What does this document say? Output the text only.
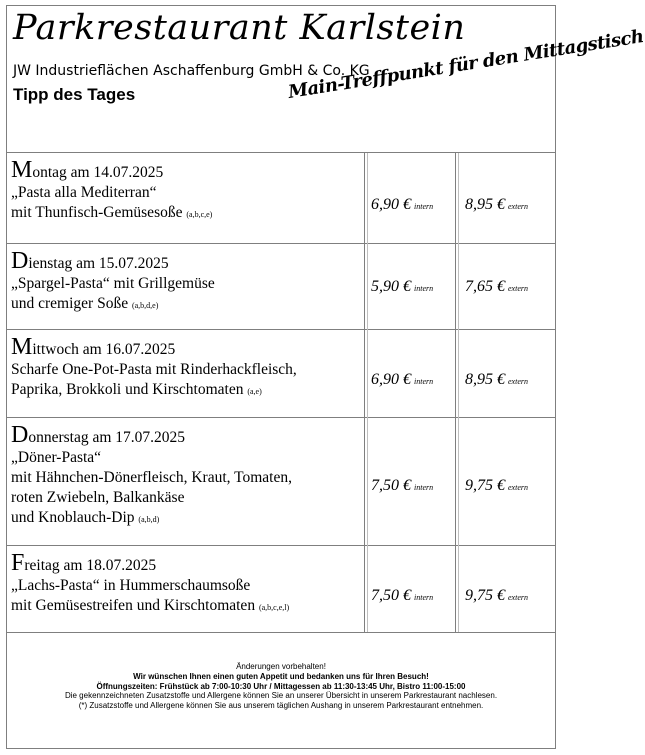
Parkrestaurant Karlstein
JW Industrieflächen Aschaffenburg GmbH & Co. KG
Tipp des Tages	Main-Treffpunkt für den Mittagstisch
Montag am 14.07.2025
„Pasta alla Mediterran“
mit Thunfisch-Gemüsesoße (a,b,c,e)
6,90 € intern 8,95 € extern
Dienstag am 15.07.2025
„Spargel-Pasta“ mit Grillgemüse
und cremiger Soße (a,b,d,e)
5,90 € intern 7,65 € extern
Mittwoch am 16.07.2025
Scharfe One-Pot-Pasta mit Rinderhackfleisch,
Paprika, Brokkoli und Kirschtomaten (a,e)
6,90 € intern 8,95 € extern
Donnerstag am 17.07.2025
„Döner-Pasta“
mit Hähnchen-Dönerfleisch, Kraut, Tomaten,
roten Zwiebeln, Balkankäse
und Knoblauch-Dip (a,b,d)
7,50 € intern 9,75 € extern
Freitag am 18.07.2025
„Lachs-Pasta“ in Hummerschaumsoße
mit Gemüsestreifen und Kirschtomaten (a,b,c,e,l)
7,50 € intern 9,75 € extern
Änderungen vorbehalten!
Wir wünschen Ihnen einen guten Appetit und bedanken uns für Ihren Besuch!
Öffnungszeiten: Frühstück ab 7:00-10:30 Uhr / Mittagessen ab 11:30-13:45 Uhr, Bistro 11:00-15:00
Die gekennzeichneten Zusatzstoffe und Allergene können Sie an unserer Übersicht in unserem Parkrestaurant nachlesen.
(*) Zusatzstoffe und Allergene können Sie aus unserem täglichen Aushang in unserem Parkrestaurant entnehmen.
